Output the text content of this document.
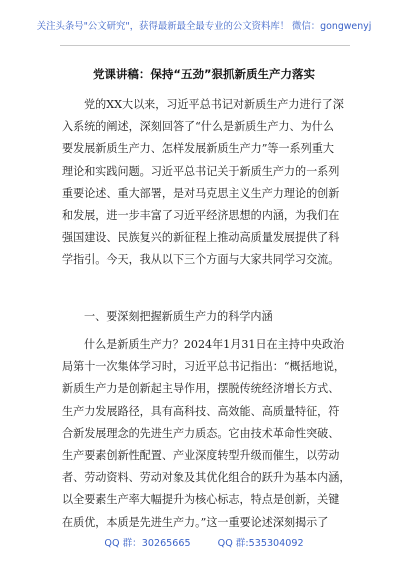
关注头条号"公文研究"，获得最新最全最专业的公文资料库！ 微信：gongwenyj
党课讲稿：保持“五劲”狠抓新质生产力落实
党的XX大以来，习近平总书记对新质生产力进行了深
入系统的阐述，深刻回答了“什么是新质生产力、为什么
要发展新质生产力、怎样发展新质生产力”等一系列重大
理论和实践问题。习近平总书记关于新质生产力的一系列
重要论述、重大部署，是对马克思主义生产力理论的创新
和发展，进一步丰富了习近平经济思想的内涵，为我们在
强国建设、民族复兴的新征程上推动高质量发展提供了科
学指引。今天，我从以下三个方面与大家共同学习交流。
一、要深刻把握新质生产力的科学内涵
什么是新质生产力？2024年1月31日在主持中央政治
局第十一次集体学习时，习近平总书记指出：“概括地说，
新质生产力是创新起主导作用，摆脱传统经济增长方式、
生产力发展路径，具有高科技、高效能、高质量特征，符
合新发展理念的先进生产力质态。它由技术革命性突破、
生产要素创新性配置、产业深度转型升级而催生，以劳动
者、劳动资料、劳动对象及其优化组合的跃升为基本内涵，
以全要素生产率大幅提升为核心标志，特点是创新，关键
在质优，本质是先进生产力。”这一重要论述深刻揭示了
QQ 群：30265665	QQ 群:535304092
